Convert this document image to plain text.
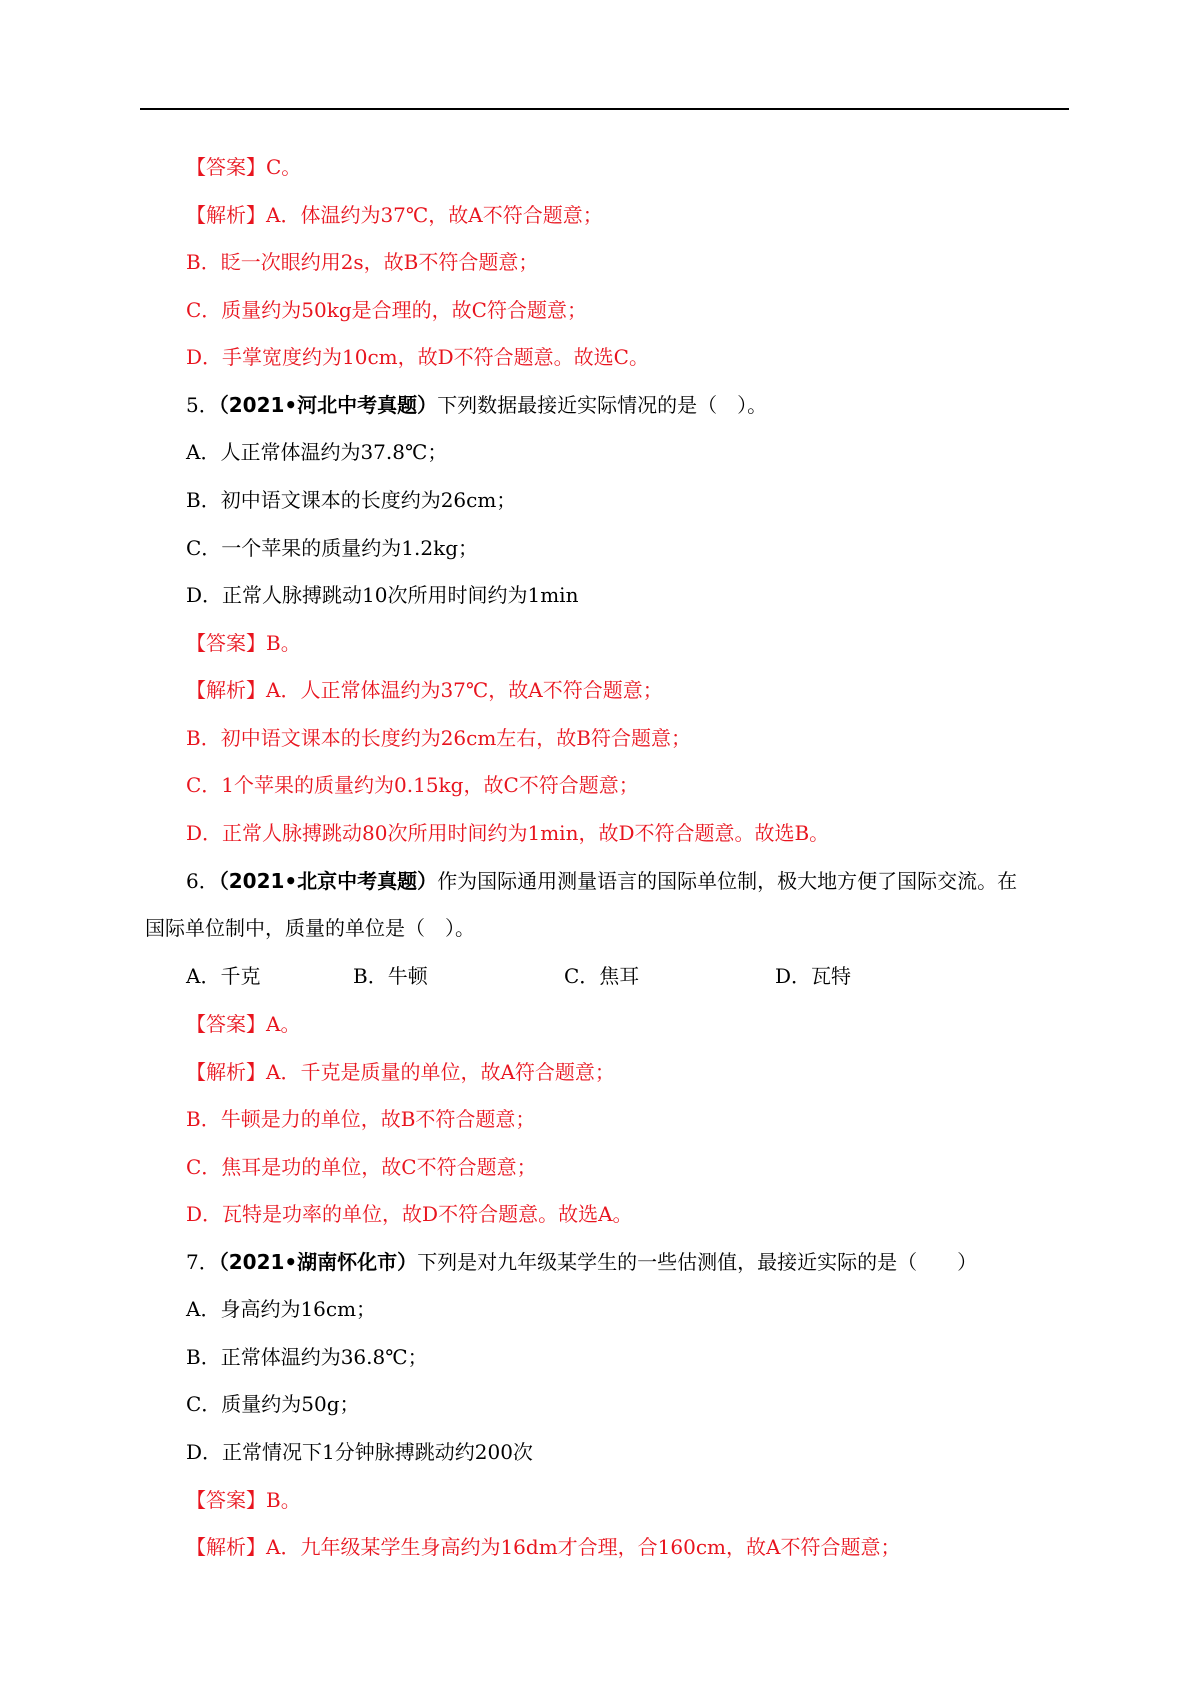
【答案】C。
【解析】A．体温约为37℃，故A不符合题意；
B．眨一次眼约用2s，故B不符合题意；
C．质量约为50kg是合理的，故C符合题意；
D．手掌宽度约为10cm，故D不符合题意。故选C。
5．（2021•河北中考真题）下列数据最接近实际情况的是（　）。
A．人正常体温约为37.8℃；
B．初中语文课本的长度约为26cm；
C．一个苹果的质量约为1.2kg；
D．正常人脉搏跳动10次所用时间约为1min
【答案】B。
【解析】A．人正常体温约为37℃，故A不符合题意；
B．初中语文课本的长度约为26cm左右，故B符合题意；
C．1个苹果的质量约为0.15kg，故C不符合题意；
D．正常人脉搏跳动80次所用时间约为1min，故D不符合题意。故选B。
6．（2021•北京中考真题）作为国际通用测量语言的国际单位制，极大地方便了国际交流。在
国际单位制中，质量的单位是（　）。
A．千克	B．牛顿	C．焦耳	D．瓦特
【答案】A。
【解析】A．千克是质量的单位，故A符合题意；
B．牛顿是力的单位，故B不符合题意；
C．焦耳是功的单位，故C不符合题意；
D．瓦特是功率的单位，故D不符合题意。故选A。
7．（2021•湖南怀化市）下列是对九年级某学生的一些估测值，最接近实际的是（　　）
A．身高约为16cm；
B．正常体温约为36.8℃；
C．质量约为50g；
D．正常情况下1分钟脉搏跳动约200次
【答案】B。
【解析】A．九年级某学生身高约为16dm才合理，合160cm，故A不符合题意；
